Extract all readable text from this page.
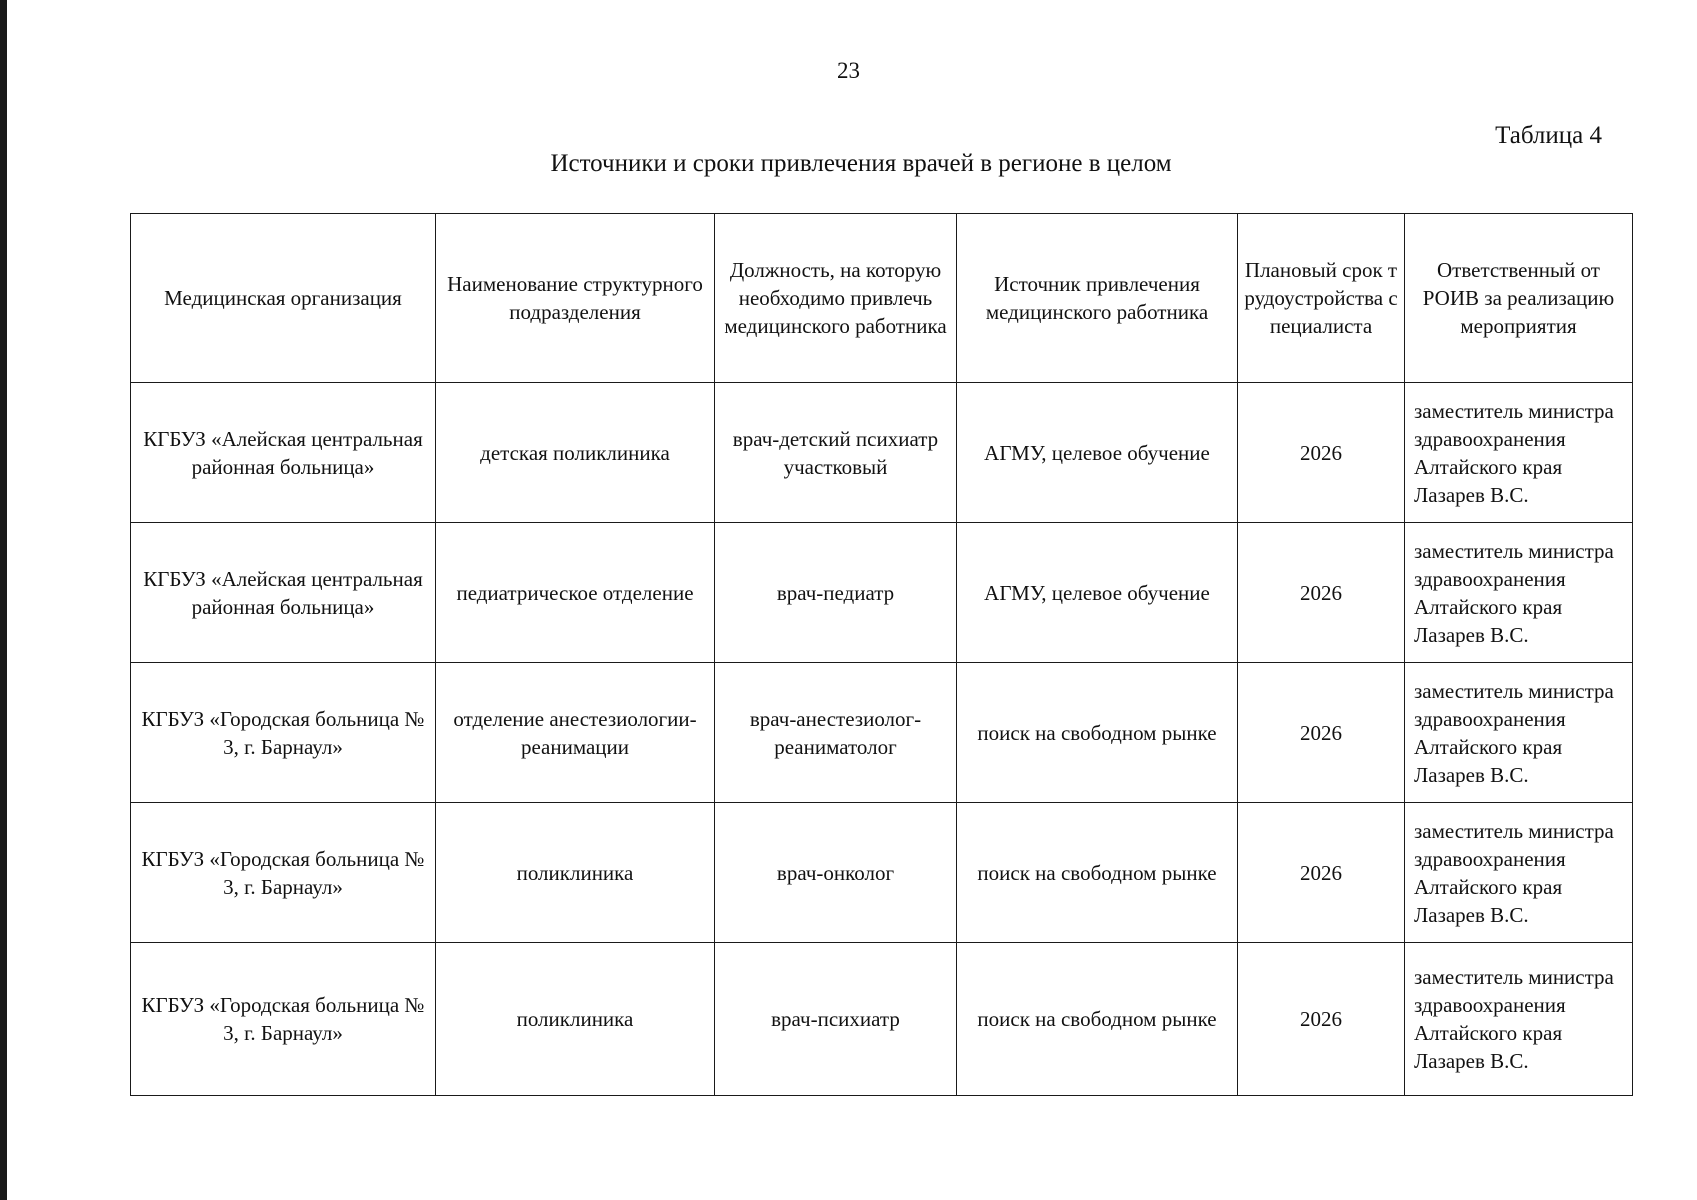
23
Таблица 4
Источники и сроки привлечения врачей в регионе в целом
Медицинская организация	Наименование структурного подразделения	Должность, на которую необходимо привлечь медицинского работника	Источник привлечения медицинского работника	Плановый срок трудоустройства специалиста	Ответственный от РОИВ за реализацию мероприятия
КГБУЗ «Алейская центральная районная больница»	детская поликлиника	врач-детский психиатр участковый	АГМУ, целевое обучение	2026	заместитель министра здравоохранения Алтайского края Лазарев В.С.
КГБУЗ «Алейская центральная районная больница»	педиатрическое отделение	врач-педиатр	АГМУ, целевое обучение	2026	заместитель министра здравоохранения Алтайского края Лазарев В.С.
КГБУЗ «Городская больница № 3, г. Барнаул»	отделение анестезиологии-реанимации	врач-анестезиолог-реаниматолог	поиск на свободном рынке	2026	заместитель министра здравоохранения Алтайского края Лазарев В.С.
КГБУЗ «Городская больница № 3, г. Барнаул»	поликлиника	врач-онколог	поиск на свободном рынке	2026	заместитель министра здравоохранения Алтайского края Лазарев В.С.
КГБУЗ «Городская больница № 3, г. Барнаул»	поликлиника	врач-психиатр	поиск на свободном рынке	2026	заместитель министра здравоохранения Алтайского края Лазарев В.С.
